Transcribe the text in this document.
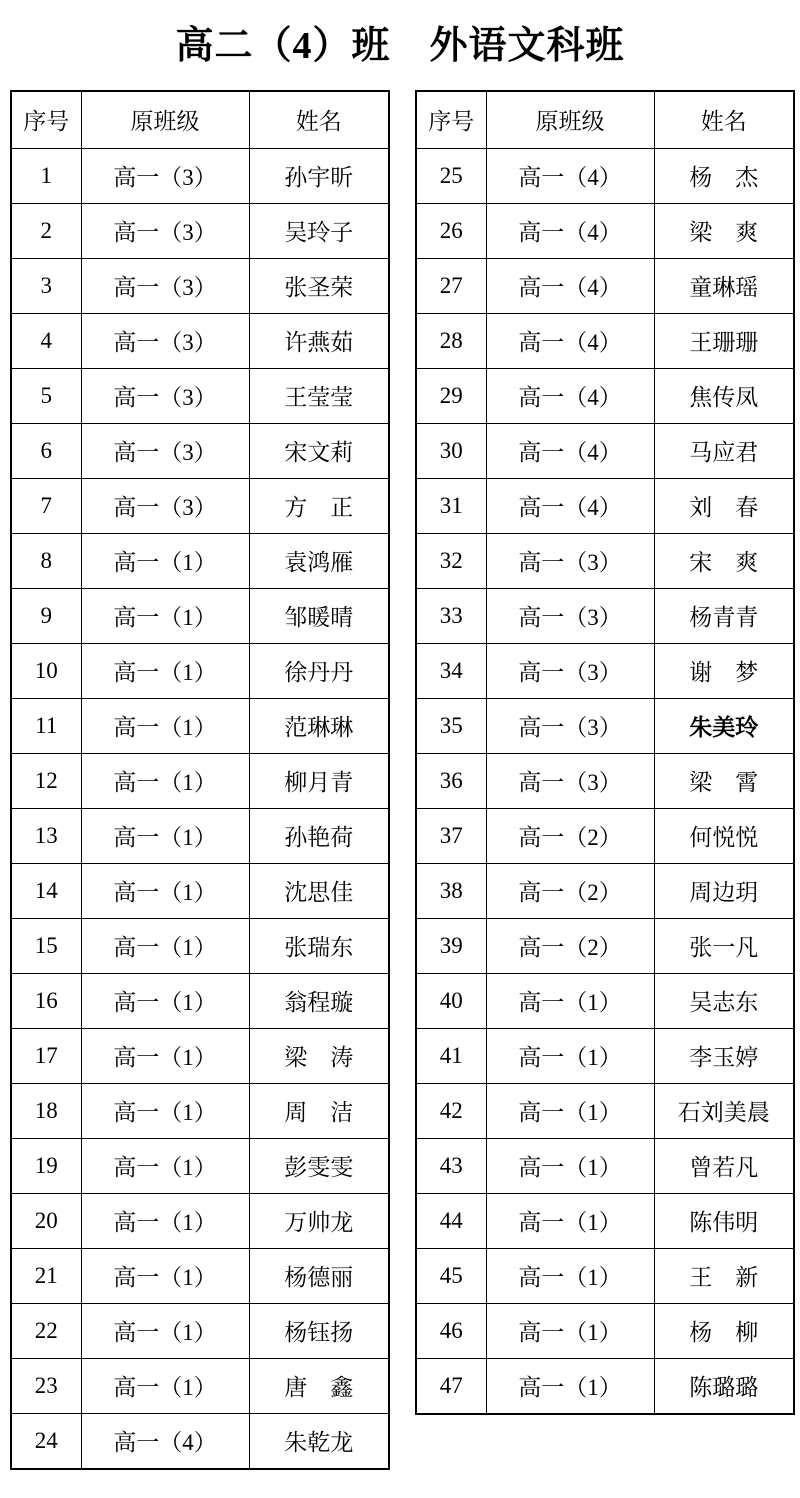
高二（4）班　外语文科班
序号	原班级	姓名
1	高一（3）	孙宇昕
2	高一（3）	吴玲子
3	高一（3）	张圣荣
4	高一（3）	许燕茹
5	高一（3）	王莹莹
6	高一（3）	宋文莉
7	高一（3）	方　正
8	高一（1）	袁鸿雁
9	高一（1）	邹暖晴
10	高一（1）	徐丹丹
11	高一（1）	范琳琳
12	高一（1）	柳月青
13	高一（1）	孙艳荷
14	高一（1）	沈思佳
15	高一（1）	张瑞东
16	高一（1）	翁程璇
17	高一（1）	梁　涛
18	高一（1）	周　洁
19	高一（1）	彭雯雯
20	高一（1）	万帅龙
21	高一（1）	杨德丽
22	高一（1）	杨钰扬
23	高一（1）	唐　鑫
24	高一（4）	朱乾龙
序号	原班级	姓名
25	高一（4）	杨　杰
26	高一（4）	梁　爽
27	高一（4）	童琳瑶
28	高一（4）	王珊珊
29	高一（4）	焦传凤
30	高一（4）	马应君
31	高一（4）	刘　春
32	高一（3）	宋　爽
33	高一（3）	杨青青
34	高一（3）	谢　梦
35	高一（3）	朱美玲
36	高一（3）	梁　霄
37	高一（2）	何悦悦
38	高一（2）	周边玥
39	高一（2）	张一凡
40	高一（1）	吴志东
41	高一（1）	李玉婷
42	高一（1）	石刘美晨
43	高一（1）	曾若凡
44	高一（1）	陈伟明
45	高一（1）	王　新
46	高一（1）	杨　柳
47	高一（1）	陈璐璐
